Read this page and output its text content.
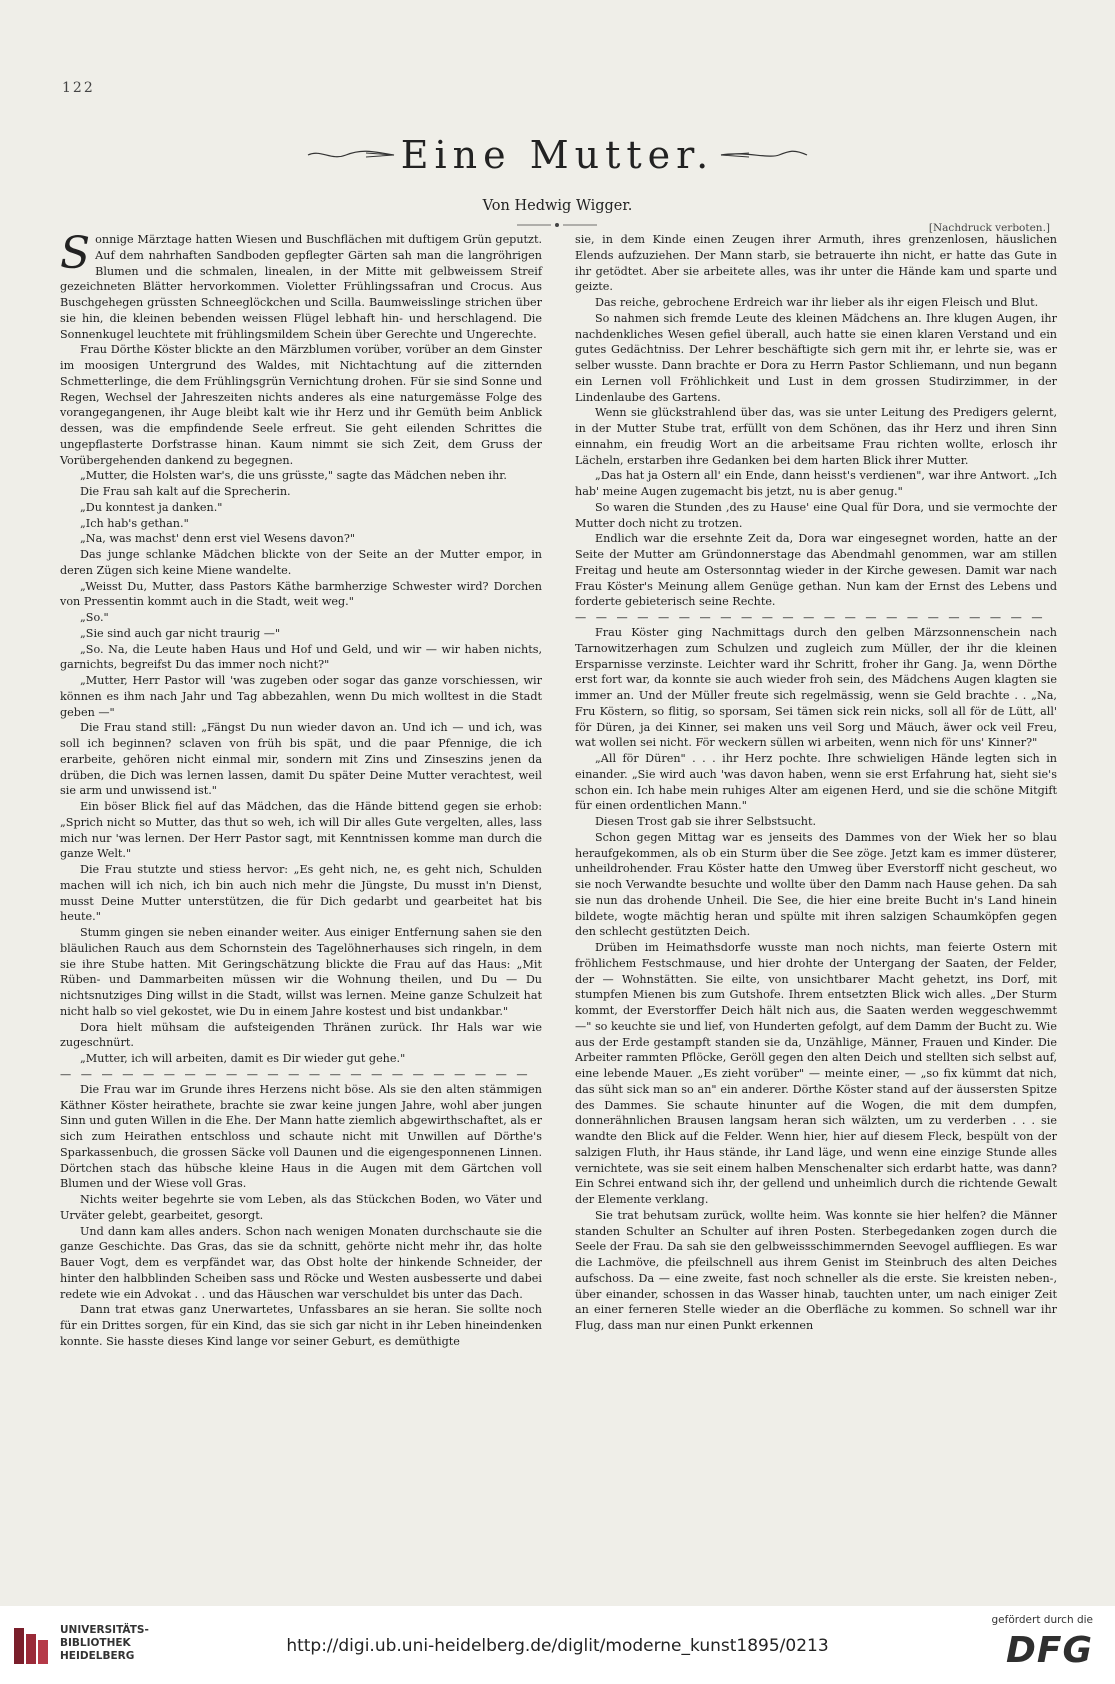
122
Eine Mutter.
Von Hedwig Wigger.
[Nachdruck verboten.]

Sonnige Märztage hatten Wiesen und Buschflächen mit duftigem Grün geputzt. Auf dem nahrhaften Sandboden gepflegter Gärten sah man die langröhrigen Blumen und die schmalen, linealen, in der Mitte mit gelbweissem Streif gezeichneten Blätter hervorkommen. Violetter Frühlingssafran und Crocus. Aus Buschgehegen grüssten Schneeglöckchen und Scilla. Baumweisslinge strichen über sie hin, die kleinen bebenden weissen Flügel lebhaft hin- und herschlagend. Die Sonnenkugel leuchtete mit frühlingsmildem Schein über Gerechte und Ungerechte.

Frau Dörthe Köster blickte an den Märzblumen vorüber, vorüber an dem Ginster im moosigen Untergrund des Waldes, mit Nichtachtung auf die zitternden Schmetterlinge, die dem Frühlingsgrün Vernichtung drohen. Für sie sind Sonne und Regen, Wechsel der Jahreszeiten nichts anderes als eine naturgemässe Folge des vorangegangenen, ihr Auge bleibt kalt wie ihr Herz und ihr Gemüth beim Anblick dessen, was die empfindende Seele erfreut. Sie geht eilenden Schrittes die ungepflasterte Dorfstrasse hinan. Kaum nimmt sie sich Zeit, dem Gruss der Vorübergehenden dankend zu begegnen.

„Mutter, die Holsten war's, die uns grüsste," sagte das Mädchen neben ihr.

Die Frau sah kalt auf die Sprecherin.

„Du konntest ja danken."

„Ich hab's gethan."

„Na, was machst' denn erst viel Wesens davon?"

Das junge schlanke Mädchen blickte von der Seite an der Mutter empor, in deren Zügen sich keine Miene wandelte.

„Weisst Du, Mutter, dass Pastors Käthe barmherzige Schwester wird? Dorchen von Pressentin kommt auch in die Stadt, weit weg."

„So."

„Sie sind auch gar nicht traurig —"

„So. Na, die Leute haben Haus und Hof und Geld, und wir — wir haben nichts, garnichts, begreifst Du das immer noch nicht?"

„Mutter, Herr Pastor will 'was zugeben oder sogar das ganze vorschiessen, wir können es ihm nach Jahr und Tag abbezahlen, wenn Du mich wolltest in die Stadt geben —"

Die Frau stand still: „Fängst Du nun wieder davon an. Und ich — und ich, was soll ich beginnen? sclaven von früh bis spät, und die paar Pfennige, die ich erarbeite, gehören nicht einmal mir, sondern mit Zins und Zinseszins jenen da drüben, die Dich was lernen lassen, damit Du später Deine Mutter verachtest, weil sie arm und unwissend ist."

Ein böser Blick fiel auf das Mädchen, das die Hände bittend gegen sie erhob: „Sprich nicht so Mutter, das thut so weh, ich will Dir alles Gute vergelten, alles, lass mich nur 'was lernen. Der Herr Pastor sagt, mit Kenntnissen komme man durch die ganze Welt."

Die Frau stutzte und stiess hervor: „Es geht nich, ne, es geht nich, Schulden machen will ich nich, ich bin auch nich mehr die Jüngste, Du musst in'n Dienst, musst Deine Mutter unterstützen, die für Dich gedarbt und gearbeitet hat bis heute."

Stumm gingen sie neben einander weiter. Aus einiger Entfernung sahen sie den bläulichen Rauch aus dem Schornstein des Tagelöhnerhauses sich ringeln, in dem sie ihre Stube hatten. Mit Geringschätzung blickte die Frau auf das Haus: „Mit Rüben- und Dammarbeiten müssen wir die Wohnung theilen, und Du — Du nichtsnutziges Ding willst in die Stadt, willst was lernen. Meine ganze Schulzeit hat nicht halb so viel gekostet, wie Du in einem Jahre kostest und bist undankbar."

Dora hielt mühsam die aufsteigenden Thränen zurück. Ihr Hals war wie zugeschnürt.

„Mutter, ich will arbeiten, damit es Dir wieder gut gehe."

— — — — — — — — — — — — — — — — — — — — — — —

Die Frau war im Grunde ihres Herzens nicht böse. Als sie den alten stämmigen Käthner Köster heirathete, brachte sie zwar keine jungen Jahre, wohl aber jungen Sinn und guten Willen in die Ehe. Der Mann hatte ziemlich abgewirthschaftet, als er sich zum Heirathen entschloss und schaute nicht mit Unwillen auf Dörthe's Sparkassenbuch, die grossen Säcke voll Daunen und die eigengesponnenen Linnen. Dörtchen stach das hübsche kleine Haus in die Augen mit dem Gärtchen voll Blumen und der Wiese voll Gras.

Nichts weiter begehrte sie vom Leben, als das Stückchen Boden, wo Väter und Urväter gelebt, gearbeitet, gesorgt.

Und dann kam alles anders. Schon nach wenigen Monaten durchschaute sie die ganze Geschichte. Das Gras, das sie da schnitt, gehörte nicht mehr ihr, das holte Bauer Vogt, dem es verpfändet war, das Obst holte der hinkende Schneider, der hinter den halbblinden Scheiben sass und Röcke und Westen ausbesserte und dabei redete wie ein Advokat . . und das Häuschen war verschuldet bis unter das Dach.

Dann trat etwas ganz Unerwartetes, Unfassbares an sie heran. Sie sollte noch für ein Drittes sorgen, für ein Kind, das sie sich gar nicht in ihr Leben hineindenken konnte. Sie hasste dieses Kind lange vor seiner Geburt, es demüthigte

sie, in dem Kinde einen Zeugen ihrer Armuth, ihres grenzenlosen, häuslichen Elends aufzuziehen. Der Mann starb, sie betrauerte ihn nicht, er hatte das Gute in ihr getödtet. Aber sie arbeitete alles, was ihr unter die Hände kam und sparte und geizte.

Das reiche, gebrochene Erdreich war ihr lieber als ihr eigen Fleisch und Blut.

So nahmen sich fremde Leute des kleinen Mädchens an. Ihre klugen Augen, ihr nachdenkliches Wesen gefiel überall, auch hatte sie einen klaren Verstand und ein gutes Gedächtniss. Der Lehrer beschäftigte sich gern mit ihr, er lehrte sie, was er selber wusste. Dann brachte er Dora zu Herrn Pastor Schliemann, und nun begann ein Lernen voll Fröhlichkeit und Lust in dem grossen Studirzimmer, in der Lindenlaube des Gartens.

Wenn sie glückstrahlend über das, was sie unter Leitung des Predigers gelernt, in der Mutter Stube trat, erfüllt von dem Schönen, das ihr Herz und ihren Sinn einnahm, ein freudig Wort an die arbeitsame Frau richten wollte, erlosch ihr Lächeln, erstarben ihre Gedanken bei dem harten Blick ihrer Mutter.

„Das hat ja Ostern all' ein Ende, dann heisst's verdienen", war ihre Antwort. „Ich hab' meine Augen zugemacht bis jetzt, nu is aber genug."

So waren die Stunden ‚des zu Hause' eine Qual für Dora, und sie vermochte der Mutter doch nicht zu trotzen.

Endlich war die ersehnte Zeit da, Dora war eingesegnet worden, hatte an der Seite der Mutter am Gründonnerstage das Abendmahl genommen, war am stillen Freitag und heute am Ostersonntag wieder in der Kirche gewesen. Damit war nach Frau Köster's Meinung allem Genüge gethan. Nun kam der Ernst des Lebens und forderte gebieterisch seine Rechte.

— — — — — — — — — — — — — — — — — — — — — — —

Frau Köster ging Nachmittags durch den gelben Märzsonnenschein nach Tarnowitzerhagen zum Schulzen und zugleich zum Müller, der ihr die kleinen Ersparnisse verzinste. Leichter ward ihr Schritt, froher ihr Gang. Ja, wenn Dörthe erst fort war, da konnte sie auch wieder froh sein, des Mädchens Augen klagten sie immer an. Und der Müller freute sich regelmässig, wenn sie Geld brachte . . „Na, Fru Köstern, so flitig, so sporsam, Sei tämen sick rein nicks, soll all för de Lütt, all' för Düren, ja dei Kinner, sei maken uns veil Sorg und Mäuch, äwer ock veil Freu, wat wollen sei nicht. För weckern süllen wi arbeiten, wenn nich för uns' Kinner?"

„All för Düren" . . . ihr Herz pochte. Ihre schwieligen Hände legten sich in einander. „Sie wird auch 'was davon haben, wenn sie erst Erfahrung hat, sieht sie's schon ein. Ich habe mein ruhiges Alter am eigenen Herd, und sie die schöne Mitgift für einen ordentlichen Mann."

Diesen Trost gab sie ihrer Selbstsucht.

Schon gegen Mittag war es jenseits des Dammes von der Wiek her so blau heraufgekommen, als ob ein Sturm über die See zöge. Jetzt kam es immer düsterer, unheildrohender. Frau Köster hatte den Umweg über Everstorff nicht gescheut, wo sie noch Verwandte besuchte und wollte über den Damm nach Hause gehen. Da sah sie nun das drohende Unheil. Die See, die hier eine breite Bucht in's Land hinein bildete, wogte mächtig heran und spülte mit ihren salzigen Schaumköpfen gegen den schlecht gestützten Deich.

Drüben im Heimathsdorfe wusste man noch nichts, man feierte Ostern mit fröhlichem Festschmause, und hier drohte der Untergang der Saaten, der Felder, der — Wohnstätten. Sie eilte, von unsichtbarer Macht gehetzt, ins Dorf, mit stumpfen Mienen bis zum Gutshofe. Ihrem entsetzten Blick wich alles. „Der Sturm kommt, der Everstorffer Deich hält nich aus, die Saaten werden weggeschwemmt —" so keuchte sie und lief, von Hunderten gefolgt, auf dem Damm der Bucht zu. Wie aus der Erde gestampft standen sie da, Unzählige, Männer, Frauen und Kinder. Die Arbeiter rammten Pflöcke, Geröll gegen den alten Deich und stellten sich selbst auf, eine lebende Mauer. „Es zieht vorüber" — meinte einer, — „so fix kümmt dat nich, das süht sick man so an" ein anderer. Dörthe Köster stand auf der äussersten Spitze des Dammes. Sie schaute hinunter auf die Wogen, die mit dem dumpfen, donnerähnlichen Brausen langsam heran sich wälzten, um zu verderben . . . sie wandte den Blick auf die Felder. Wenn hier, hier auf diesem Fleck, bespült von der salzigen Fluth, ihr Haus stände, ihr Land läge, und wenn eine einzige Stunde alles vernichtete, was sie seit einem halben Menschenalter sich erdarbt hatte, was dann? Ein Schrei entwand sich ihr, der gellend und unheimlich durch die richtende Gewalt der Elemente verklang.

Sie trat behutsam zurück, wollte heim. Was konnte sie hier helfen? die Männer standen Schulter an Schulter auf ihren Posten. Sterbegedanken zogen durch die Seele der Frau. Da sah sie den gelbweissschimmernden Seevogel auffliegen. Es war die Lachmöve, die pfeilschnell aus ihrem Genist im Steinbruch des alten Deiches aufschoss. Da — eine zweite, fast noch schneller als die erste. Sie kreisten neben-, über einander, schossen in das Wasser hinab, tauchten unter, um nach einiger Zeit an einer ferneren Stelle wieder an die Oberfläche zu kommen. So schnell war ihr Flug, dass man nur einen Punkt erkennen

UNIVERSITÄTS-
BIBLIOTHEK
HEIDELBERG	http://digi.ub.uni-heidelberg.de/diglit/moderne_kunst1895/0213
gefördert durch die
DFG
